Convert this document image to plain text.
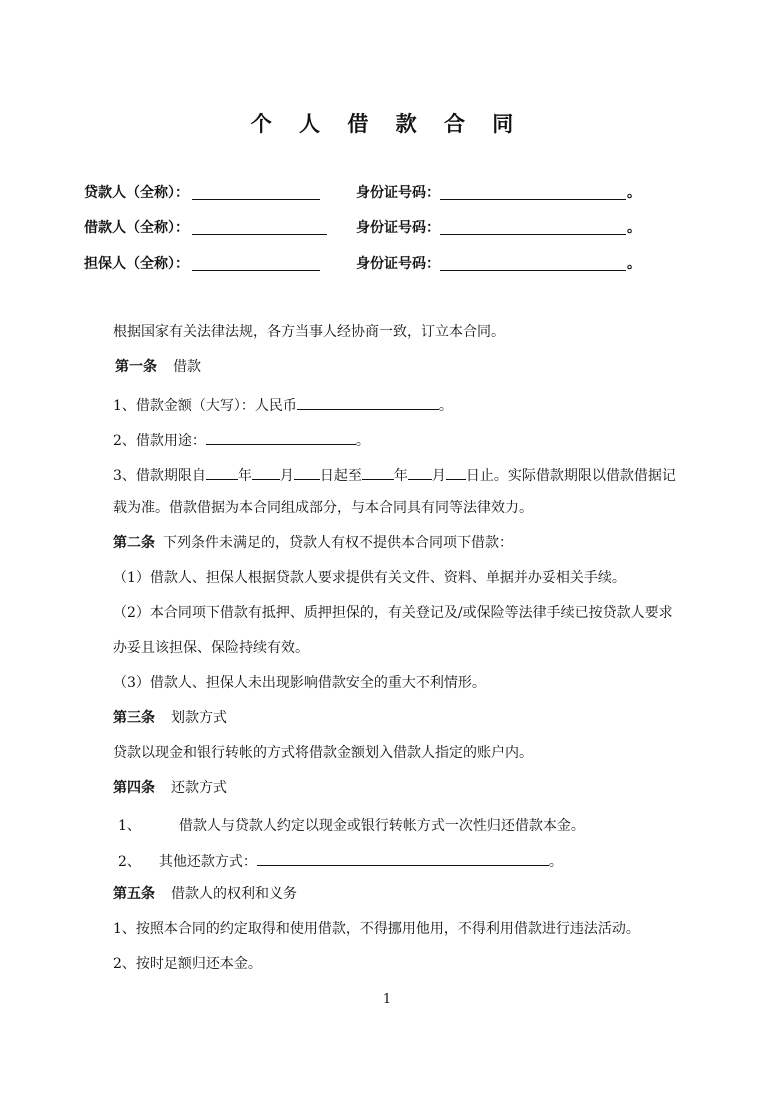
个 人 借 款 合 同
贷款人（全称）：	身份证号码：	。
借款人（全称）：	身份证号码：	。
担保人（全称）：	身份证号码：	。
根据国家有关法律法规，各方当事人经协商一致，订立本合同。
第一条 借款
1、借款金额（大写）：人民币	。
2、借款用途：	。
3、借款期限自 年 月 日起至 年 月 日止。实际借款期限以借款借据记
载为准。借款借据为本合同组成部分，与本合同具有同等法律效力。
第二条 下列条件未满足的，贷款人有权不提供本合同项下借款：
（1）借款人、担保人根据贷款人要求提供有关文件、资料、单据并办妥相关手续。
（2）本合同项下借款有抵押、质押担保的，有关登记及/或保险等法律手续已按贷款人要求
办妥且该担保、保险持续有效。
（3）借款人、担保人未出现影响借款安全的重大不利情形。
第三条 划款方式
贷款以现金和银行转帐的方式将借款金额划入借款人指定的账户内。
第四条 还款方式
1、	借款人与贷款人约定以现金或银行转帐方式一次性归还借款本金。
2、 其他还款方式：	。
第五条 借款人的权利和义务
1、按照本合同的约定取得和使用借款，不得挪用他用，不得利用借款进行违法活动。
2、按时足额归还本金。
1
